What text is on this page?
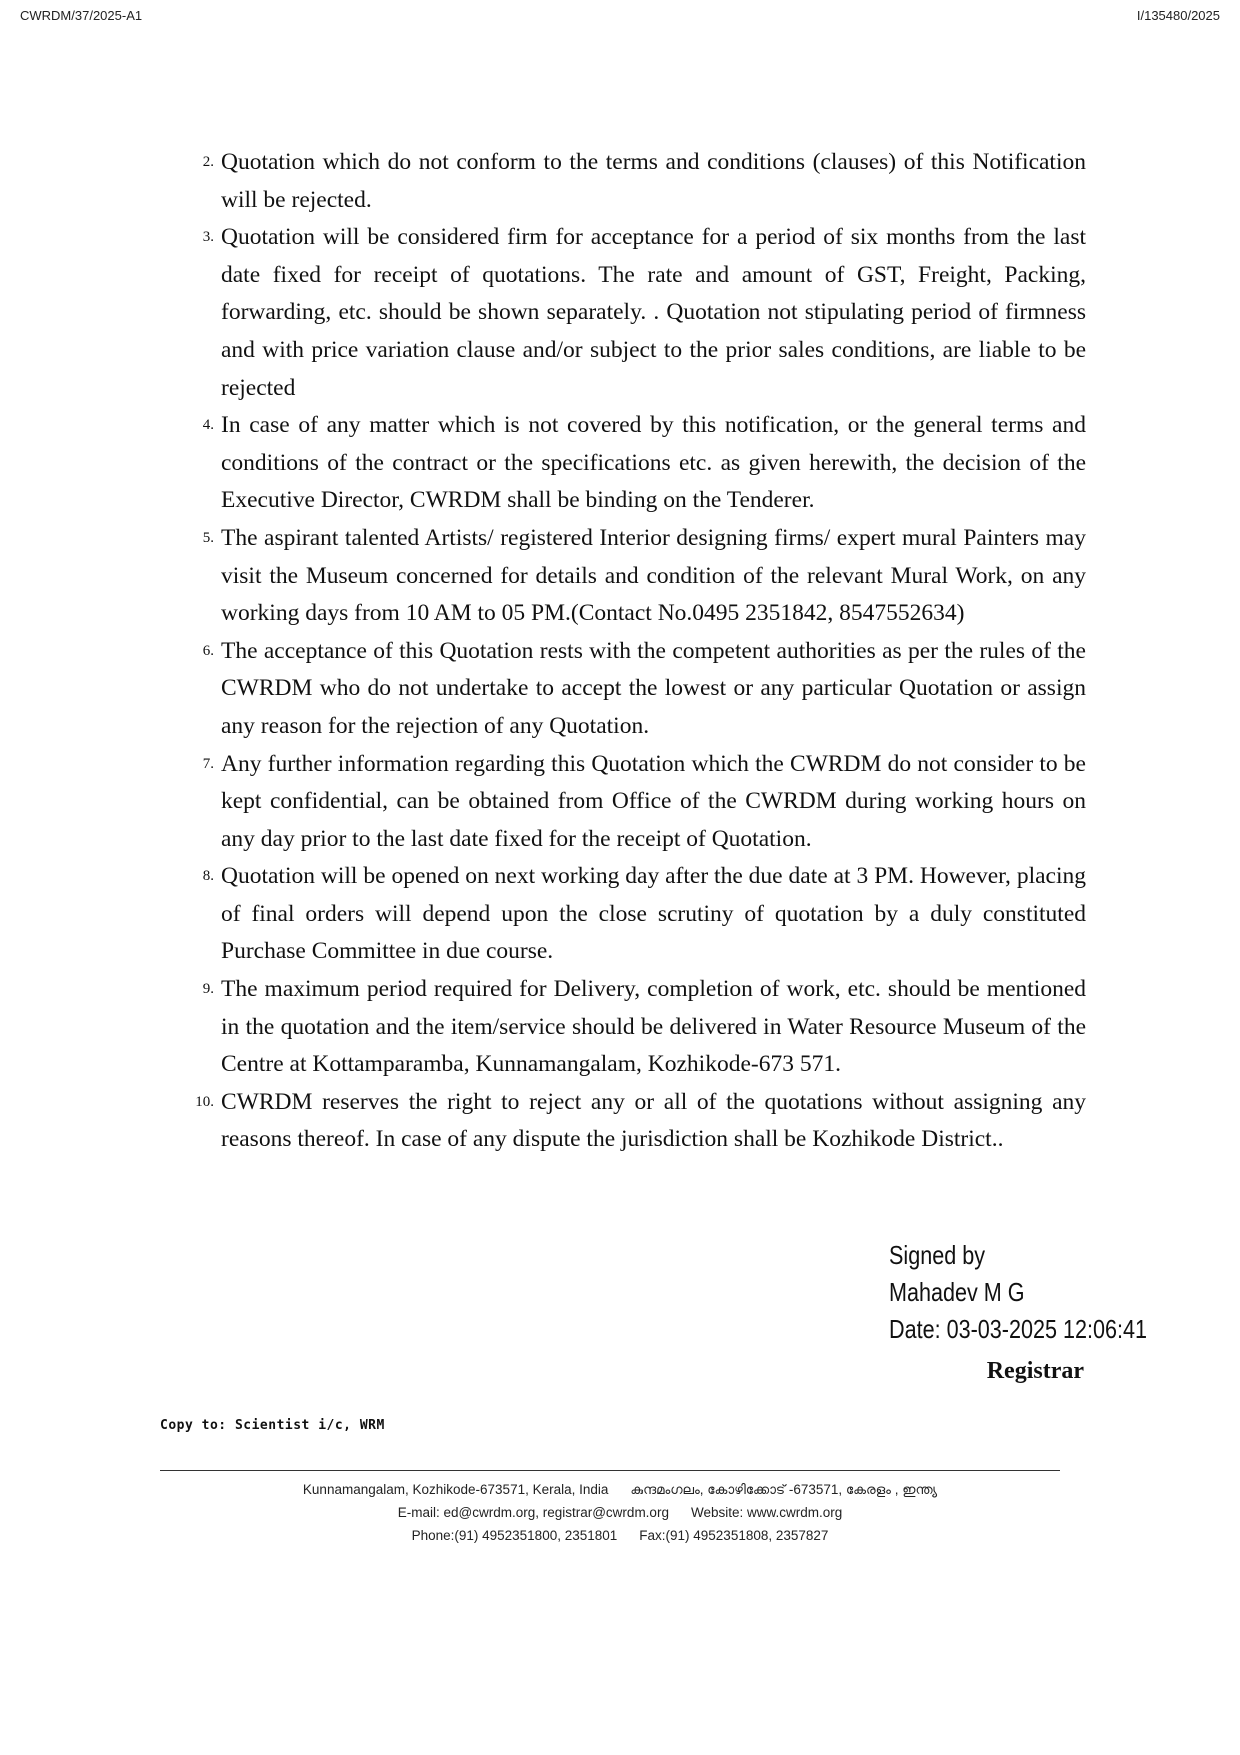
CWRDM/37/2025-A1	I/135480/2025
2. Quotation which do not conform to the terms and conditions (clauses) of this Notification will be rejected.
3. Quotation will be considered firm for acceptance for a period of six months from the last date fixed for receipt of quotations. The rate and amount of GST, Freight, Packing, forwarding, etc. should be shown separately. . Quotation not stipulating period of firmness and with price variation clause and/or subject to the prior sales conditions, are liable to be rejected
4. In case of any matter which is not covered by this notification, or the general terms and conditions of the contract or the specifications etc. as given herewith, the decision of the Executive Director, CWRDM shall be binding on the Tenderer.
5. The aspirant talented Artists/ registered Interior designing firms/ expert mural Painters may visit the Museum concerned for details and condition of the relevant Mural Work, on any working days from 10 AM to 05 PM.(Contact No.0495 2351842, 8547552634)
6. The acceptance of this Quotation rests with the competent authorities as per the rules of the CWRDM who do not undertake to accept the lowest or any particular Quotation or assign any reason for the rejection of any Quotation.
7. Any further information regarding this Quotation which the CWRDM do not consider to be kept confidential, can be obtained from Office of the CWRDM during working hours on any day prior to the last date fixed for the receipt of Quotation.
8. Quotation will be opened on next working day after the due date at 3 PM. However, placing of final orders will depend upon the close scrutiny of quotation by a duly constituted Purchase Committee in due course.
9. The maximum period required for Delivery, completion of work, etc. should be mentioned in the quotation and the item/service should be delivered in Water Resource Museum of the Centre at Kottamparamba, Kunnamangalam, Kozhikode-673 571.
10. CWRDM reserves the right to reject any or all of the quotations without assigning any reasons thereof. In case of any dispute the jurisdiction shall be Kozhikode District..
Signed by
Mahadev M G
Date: 03-03-2025 12:06:41
Registrar
Copy to: Scientist i/c, WRM
Kunnamangalam, Kozhikode-673571, Kerala, India കുന്ദമംഗലം, കോഴിക്കോട് -673571, കേരളം , ഇന്ത്യ
E-mail: ed@cwrdm.org, registrar@cwrdm.org Website: www.cwrdm.org
Phone:(91) 4952351800, 2351801 Fax:(91) 4952351808, 2357827
